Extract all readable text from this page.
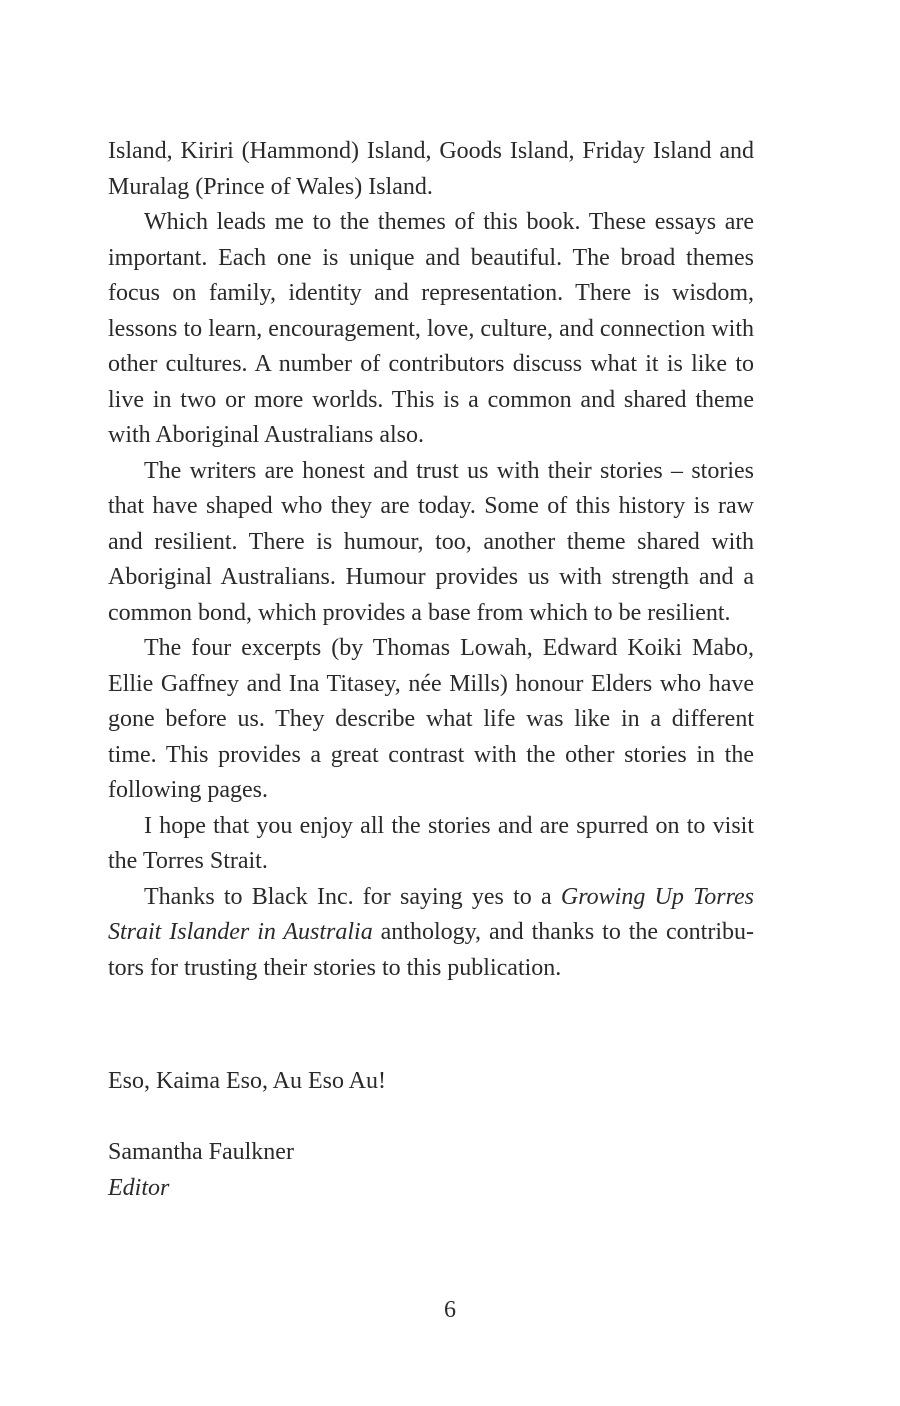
Island, Kiriri (Hammond) Island, Goods Island, Friday Island and Muralag (Prince of Wales) Island.

Which leads me to the themes of this book. These essays are important. Each one is unique and beautiful. The broad themes focus on family, identity and representation. There is wisdom, lessons to learn, encouragement, love, culture, and connection with other cultures. A number of contributors discuss what it is like to live in two or more worlds. This is a common and shared theme with Aboriginal Australians also.

The writers are honest and trust us with their stories – stories that have shaped who they are today. Some of this history is raw and resilient. There is humour, too, another theme shared with Aboriginal Australians. Humour provides us with strength and a common bond, which provides a base from which to be resilient.

The four excerpts (by Thomas Lowah, Edward Koiki Mabo, Ellie Gaffney and Ina Titasey, née Mills) honour Elders who have gone before us. They describe what life was like in a different time. This provides a great contrast with the other stories in the following pages.

I hope that you enjoy all the stories and are spurred on to visit the Torres Strait.

Thanks to Black Inc. for saying yes to a Growing Up Torres Strait Islander in Australia anthology, and thanks to the contributors for trusting their stories to this publication.

Eso, Kaima Eso, Au Eso Au!

Samantha Faulkner

Editor

6
